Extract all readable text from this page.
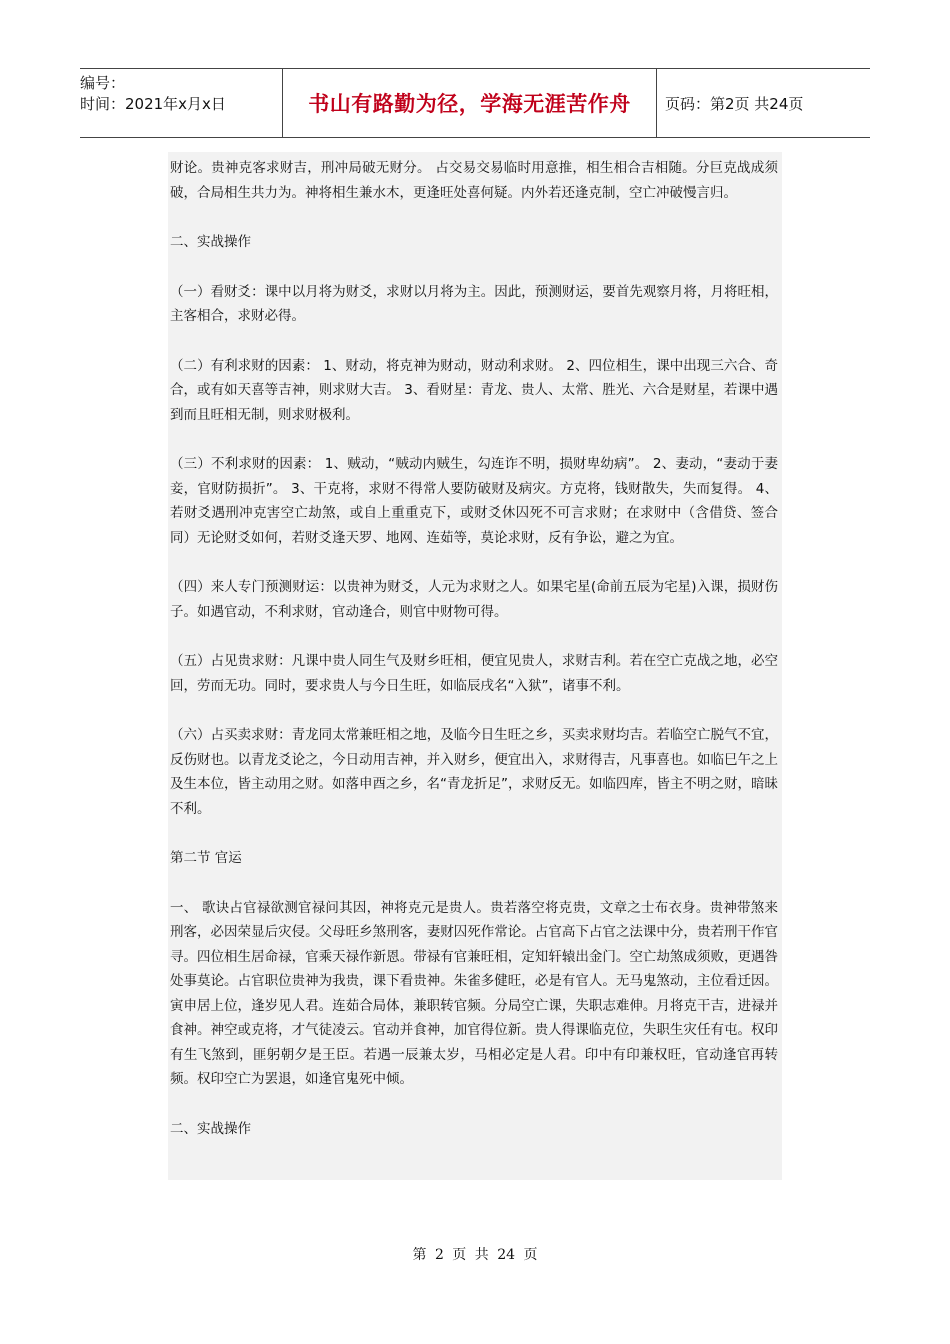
编号：
时间：2021年x月x日	书山有路勤为径，学海无涯苦作舟	页码：第2页 共24页

财论。贵神克客求财吉，刑冲局破无财分。 占交易交易临时用意推，相生相合吉相随。分巨克战成须破，合局相生共力为。神将相生兼水木，更逢旺处喜何疑。内外若还逢克制，空亡冲破慢言归。

二、实战操作

（一）看财爻：课中以月将为财爻，求财以月将为主。因此，预测财运，要首先观察月将，月将旺相，主客相合，求财必得。

（二）有利求财的因素： 1、财动，将克神为财动，财动利求财。 2、四位相生，课中出现三六合、奇合，或有如天喜等吉神，则求财大吉。 3、看财星：青龙、贵人、太常、胜光、六合是财星，若课中遇到而且旺相无制，则求财极利。

（三）不利求财的因素： 1、贼动，“贼动内贼生，勾连诈不明，损财卑幼病”。 2、妻动，“妻动于妻妾，官财防损折”。 3、干克将，求财不得常人要防破财及病灾。方克将，钱财散失，失而复得。 4、若财爻遇刑冲克害空亡劫煞，或自上重重克下，或财爻休囚死不可言求财；在求财中（含借贷、签合同）无论财爻如何，若财爻逢天罗、地网、连茹等，莫论求财，反有争讼，避之为宜。

（四）来人专门预测财运：以贵神为财爻，人元为求财之人。如果宅星(命前五辰为宅星)入课，损财伤子。如遇官动，不利求财，官动逢合，则官中财物可得。

（五）占见贵求财：凡课中贵人同生气及财乡旺相，便宜见贵人，求财吉利。若在空亡克战之地，必空回，劳而无功。同时，要求贵人与今日生旺，如临辰戌名“入狱”，诸事不利。

（六）占买卖求财：青龙同太常兼旺相之地，及临今日生旺之乡，买卖求财均吉。若临空亡脱气不宜，反伤财也。以青龙爻论之，今日动用吉神，并入财乡，便宜出入，求财得吉，凡事喜也。如临巳午之上及生本位，皆主动用之财。如落申酉之乡，名“青龙折足”，求财反无。如临四库，皆主不明之财，暗昧不利。

第二节 官运

一、 歌诀占官禄欲测官禄问其因，神将克元是贵人。贵若落空将克贵，文章之士布衣身。贵神带煞来刑客，必因荣显后灾侵。父母旺乡煞刑客，妻财囚死作常论。占官高下占官之法课中分，贵若刑干作官寻。四位相生居命禄，官乘天禄作新恩。带禄有官兼旺相，定知轩辕出金门。空亡劫煞成须败，更遇咎处事莫论。占官职位贵神为我贵，课下看贵神。朱雀多健旺，必是有官人。无马鬼煞动，主位看迁因。寅申居上位，逢岁见人君。连茹合局体，兼职转官频。分局空亡课，失职志难伸。月将克干吉，进禄并食神。神空或克将，才气徒凌云。官动并食神，加官得位新。贵人得课临克位，失职生灾任有屯。权印有生飞煞到，匪躬朝夕是王臣。若遇一辰兼太岁，马相必定是人君。印中有印兼权旺，官动逢官再转频。权印空亡为罢退，如逢官鬼死中倾。

二、实战操作

第 2 页 共 24 页
